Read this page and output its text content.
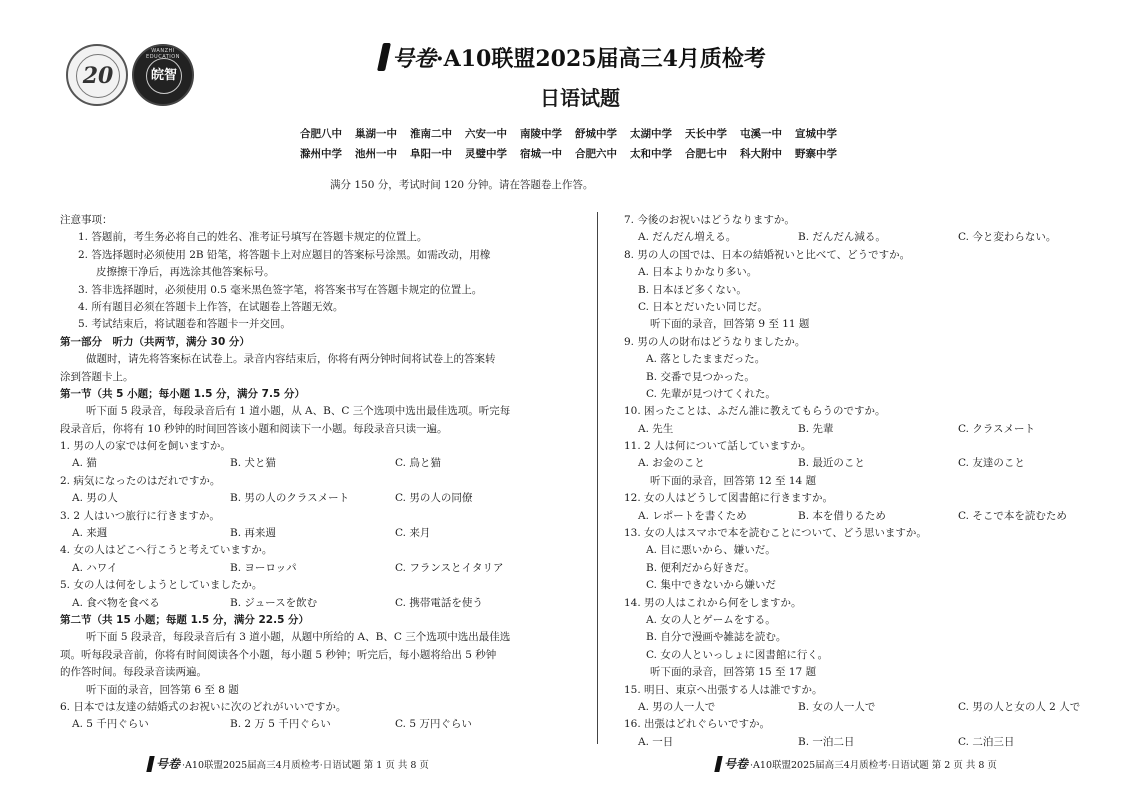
20
WANZHI EDUCATION
皖智
号卷·A10联盟2025届高三4月质检考
日语试题
合肥八中 巢湖一中 淮南二中 六安一中 南陵中学 舒城中学 太湖中学 天长中学 屯溪一中 宣城中学
滁州中学 池州一中 阜阳一中 灵璧中学 宿城一中 合肥六中 太和中学 合肥七中 科大附中 野寨中学
满分 150 分，考试时间 120 分钟。请在答题卷上作答。
注意事项：
1. 答题前，考生务必将自己的姓名、准考证号填写在答题卡规定的位置上。
2. 答选择题时必须使用 2B 铅笔，将答题卡上对应题目的答案标号涂黑。如需改动，用橡
皮擦擦干净后，再选涂其他答案标号。
3. 答非选择题时，必须使用 0.5 毫米黑色签字笔，将答案书写在答题卡规定的位置上。
4. 所有题目必须在答题卡上作答，在试题卷上答题无效。
5. 考试结束后，将试题卷和答题卡一并交回。
第一部分　听力（共两节，满分 30 分）
做题时，请先将答案标在试卷上。录音内容结束后，你将有两分钟时间将试卷上的答案转
涂到答题卡上。
第一节（共 5 小题；每小题 1.5 分，满分 7.5 分）
听下面 5 段录音，每段录音后有 1 道小题，从 A、B、C 三个选项中选出最佳选项。听完每
段录音后，你将有 10 秒钟的时间回答该小题和阅读下一小题。每段录音只读一遍。
1. 男の人の家では何を飼いますか。
A. 猫	B. 犬と猫	C. 鳥と猫
2. 病気になったのはだれですか。
A. 男の人	B. 男の人のクラスメート	C. 男の人の同僚
3. 2 人はいつ旅行に行きますか。
A. 来週	B. 再来週	C. 来月
4. 女の人はどこへ行こうと考えていますか。
A. ハワイ	B. ヨーロッパ	C. フランスとイタリア
5. 女の人は何をしようとしていましたか。
A. 食べ物を食べる	B. ジュースを飲む	C. 携帯電話を使う
第二节（共 15 小题；每题 1.5 分，满分 22.5 分）
听下面 5 段录音，每段录音后有 3 道小题，从题中所给的 A、B、C 三个选项中选出最佳选
项。听每段录音前，你将有时间阅读各个小题，每小题 5 秒钟；听完后，每小题将给出 5 秒钟
的作答时间。每段录音读两遍。
听下面的录音，回答第 6 至 8 题
6. 日本では友達の結婚式のお祝いに次のどれがいいですか。
A. 5 千円ぐらい	B. 2 万 5 千円ぐらい	C. 5 万円ぐらい
7. 今後のお祝いはどうなりますか。
A. だんだん増える。	B. だんだん減る。	C. 今と変わらない。
8. 男の人の国では、日本の結婚祝いと比べて、どうですか。
A. 日本よりかなり多い。
B. 日本ほど多くない。
C. 日本とだいたい同じだ。
听下面的录音，回答第 9 至 11 题
9. 男の人の財布はどうなりましたか。
A. 落としたままだった。
B. 交番で見つかった。
C. 先輩が見つけてくれた。
10. 困ったことは、ふだん誰に教えてもらうのですか。
A. 先生	B. 先輩	C. クラスメート
11. 2 人は何について話していますか。
A. お金のこと	B. 最近のこと	C. 友達のこと
听下面的录音，回答第 12 至 14 题
12. 女の人はどうして図書館に行きますか。
A. レポートを書くため	B. 本を借りるため	C. そこで本を読むため
13. 女の人はスマホで本を読むことについて、どう思いますか。
A. 目に悪いから、嫌いだ。
B. 便利だから好きだ。
C. 集中できないから嫌いだ
14. 男の人はこれから何をしますか。
A. 女の人とゲームをする。
B. 自分で漫画や雑誌を読む。
C. 女の人といっしょに図書館に行く。
听下面的录音，回答第 15 至 17 题
15. 明日、東京へ出張する人は誰ですか。
A. 男の人一人で	B. 女の人一人で	C. 男の人と女の人 2 人で
16. 出張はどれぐらいですか。
A. 一日	B. 一泊二日	C. 二泊三日
号卷 ·A10联盟2025届高三4月质检考·日语试题 第 1 页 共 8 页	号卷 ·A10联盟2025届高三4月质检考·日语试题 第 2 页 共 8 页
